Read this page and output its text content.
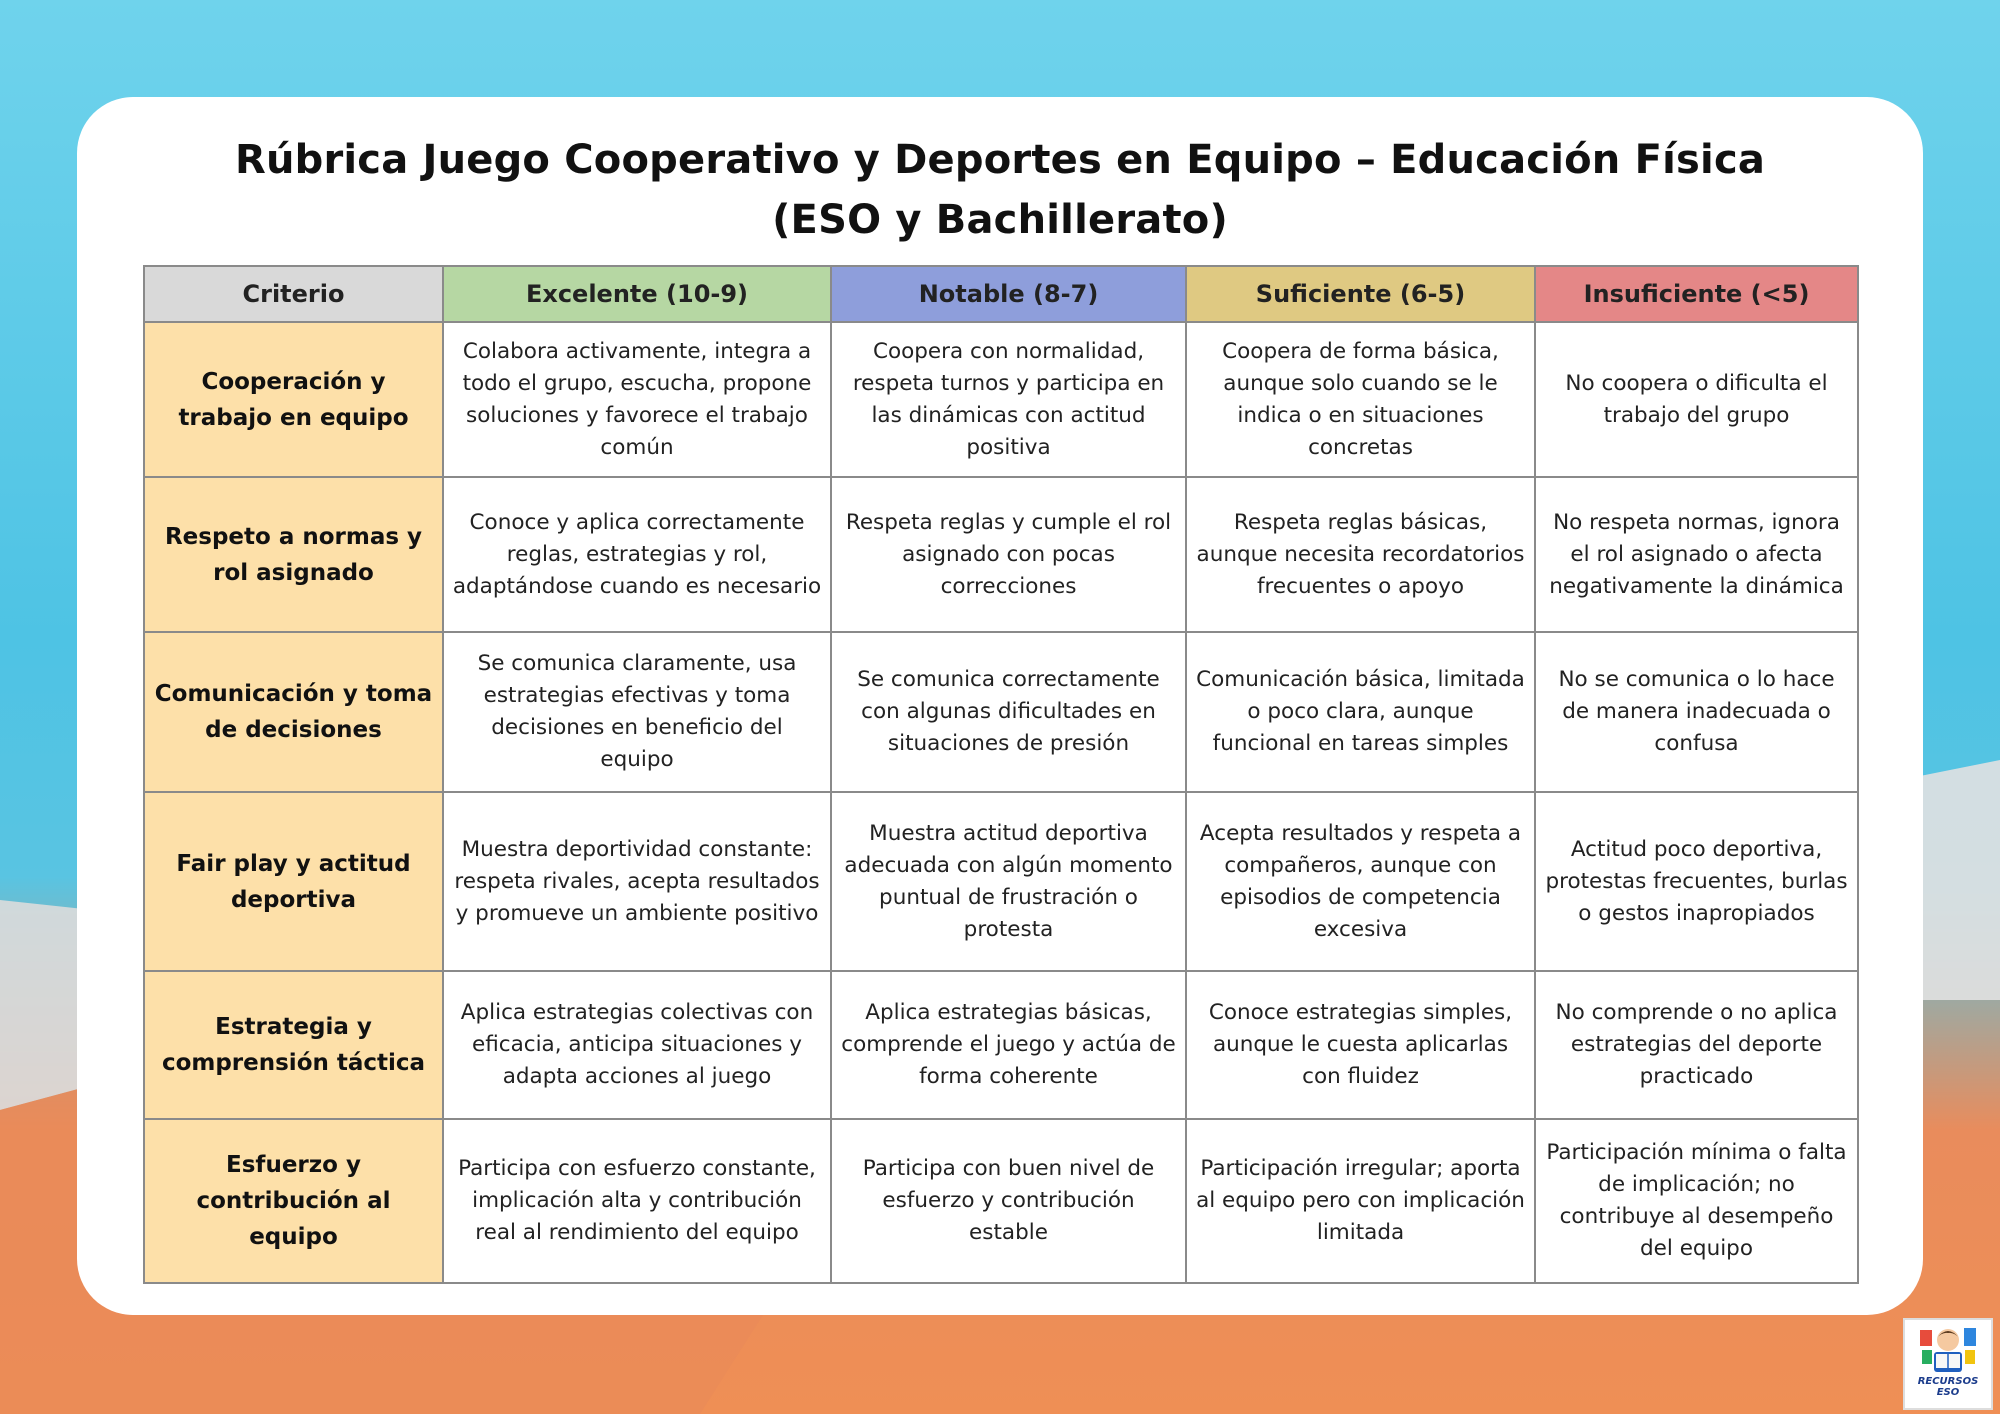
Rúbrica Juego Cooperativo y Deportes en Equipo – Educación Física
(ESO y Bachillerato)
Criterio	Excelente (10-9)	Notable (8-7)	Suficiente (6-5)	Insuficiente (<5)
Cooperación y trabajo en equipo	Colabora activamente, integra a todo el grupo, escucha, propone soluciones y favorece el trabajo común	Coopera con normalidad, respeta turnos y participa en las dinámicas con actitud positiva	Coopera de forma básica, aunque solo cuando se le indica o en situaciones concretas	No coopera o dificulta el trabajo del grupo
Respeto a normas y rol asignado	Conoce y aplica correctamente reglas, estrategias y rol, adaptándose cuando es necesario	Respeta reglas y cumple el rol asignado con pocas correcciones	Respeta reglas básicas, aunque necesita recordatorios frecuentes o apoyo	No respeta normas, ignora el rol asignado o afecta negativamente la dinámica
Comunicación y toma de decisiones	Se comunica claramente, usa estrategias efectivas y toma decisiones en beneficio del equipo	Se comunica correctamente con algunas dificultades en situaciones de presión	Comunicación básica, limitada o poco clara, aunque funcional en tareas simples	No se comunica o lo hace de manera inadecuada o confusa
Fair play y actitud deportiva	Muestra deportividad constante: respeta rivales, acepta resultados y promueve un ambiente positivo	Muestra actitud deportiva adecuada con algún momento puntual de frustración o protesta	Acepta resultados y respeta a compañeros, aunque con episodios de competencia excesiva	Actitud poco deportiva, protestas frecuentes, burlas o gestos inapropiados
Estrategia y comprensión táctica	Aplica estrategias colectivas con eficacia, anticipa situaciones y adapta acciones al juego	Aplica estrategias básicas, comprende el juego y actúa de forma coherente	Conoce estrategias simples, aunque le cuesta aplicarlas con fluidez	No comprende o no aplica estrategias del deporte practicado
Esfuerzo y contribución al equipo	Participa con esfuerzo constante, implicación alta y contribución real al rendimiento del equipo	Participa con buen nivel de esfuerzo y contribución estable	Participación irregular; aporta al equipo pero con implicación limitada	Participación mínima o falta de implicación; no contribuye al desempeño del equipo
RECURSOS
ESO
